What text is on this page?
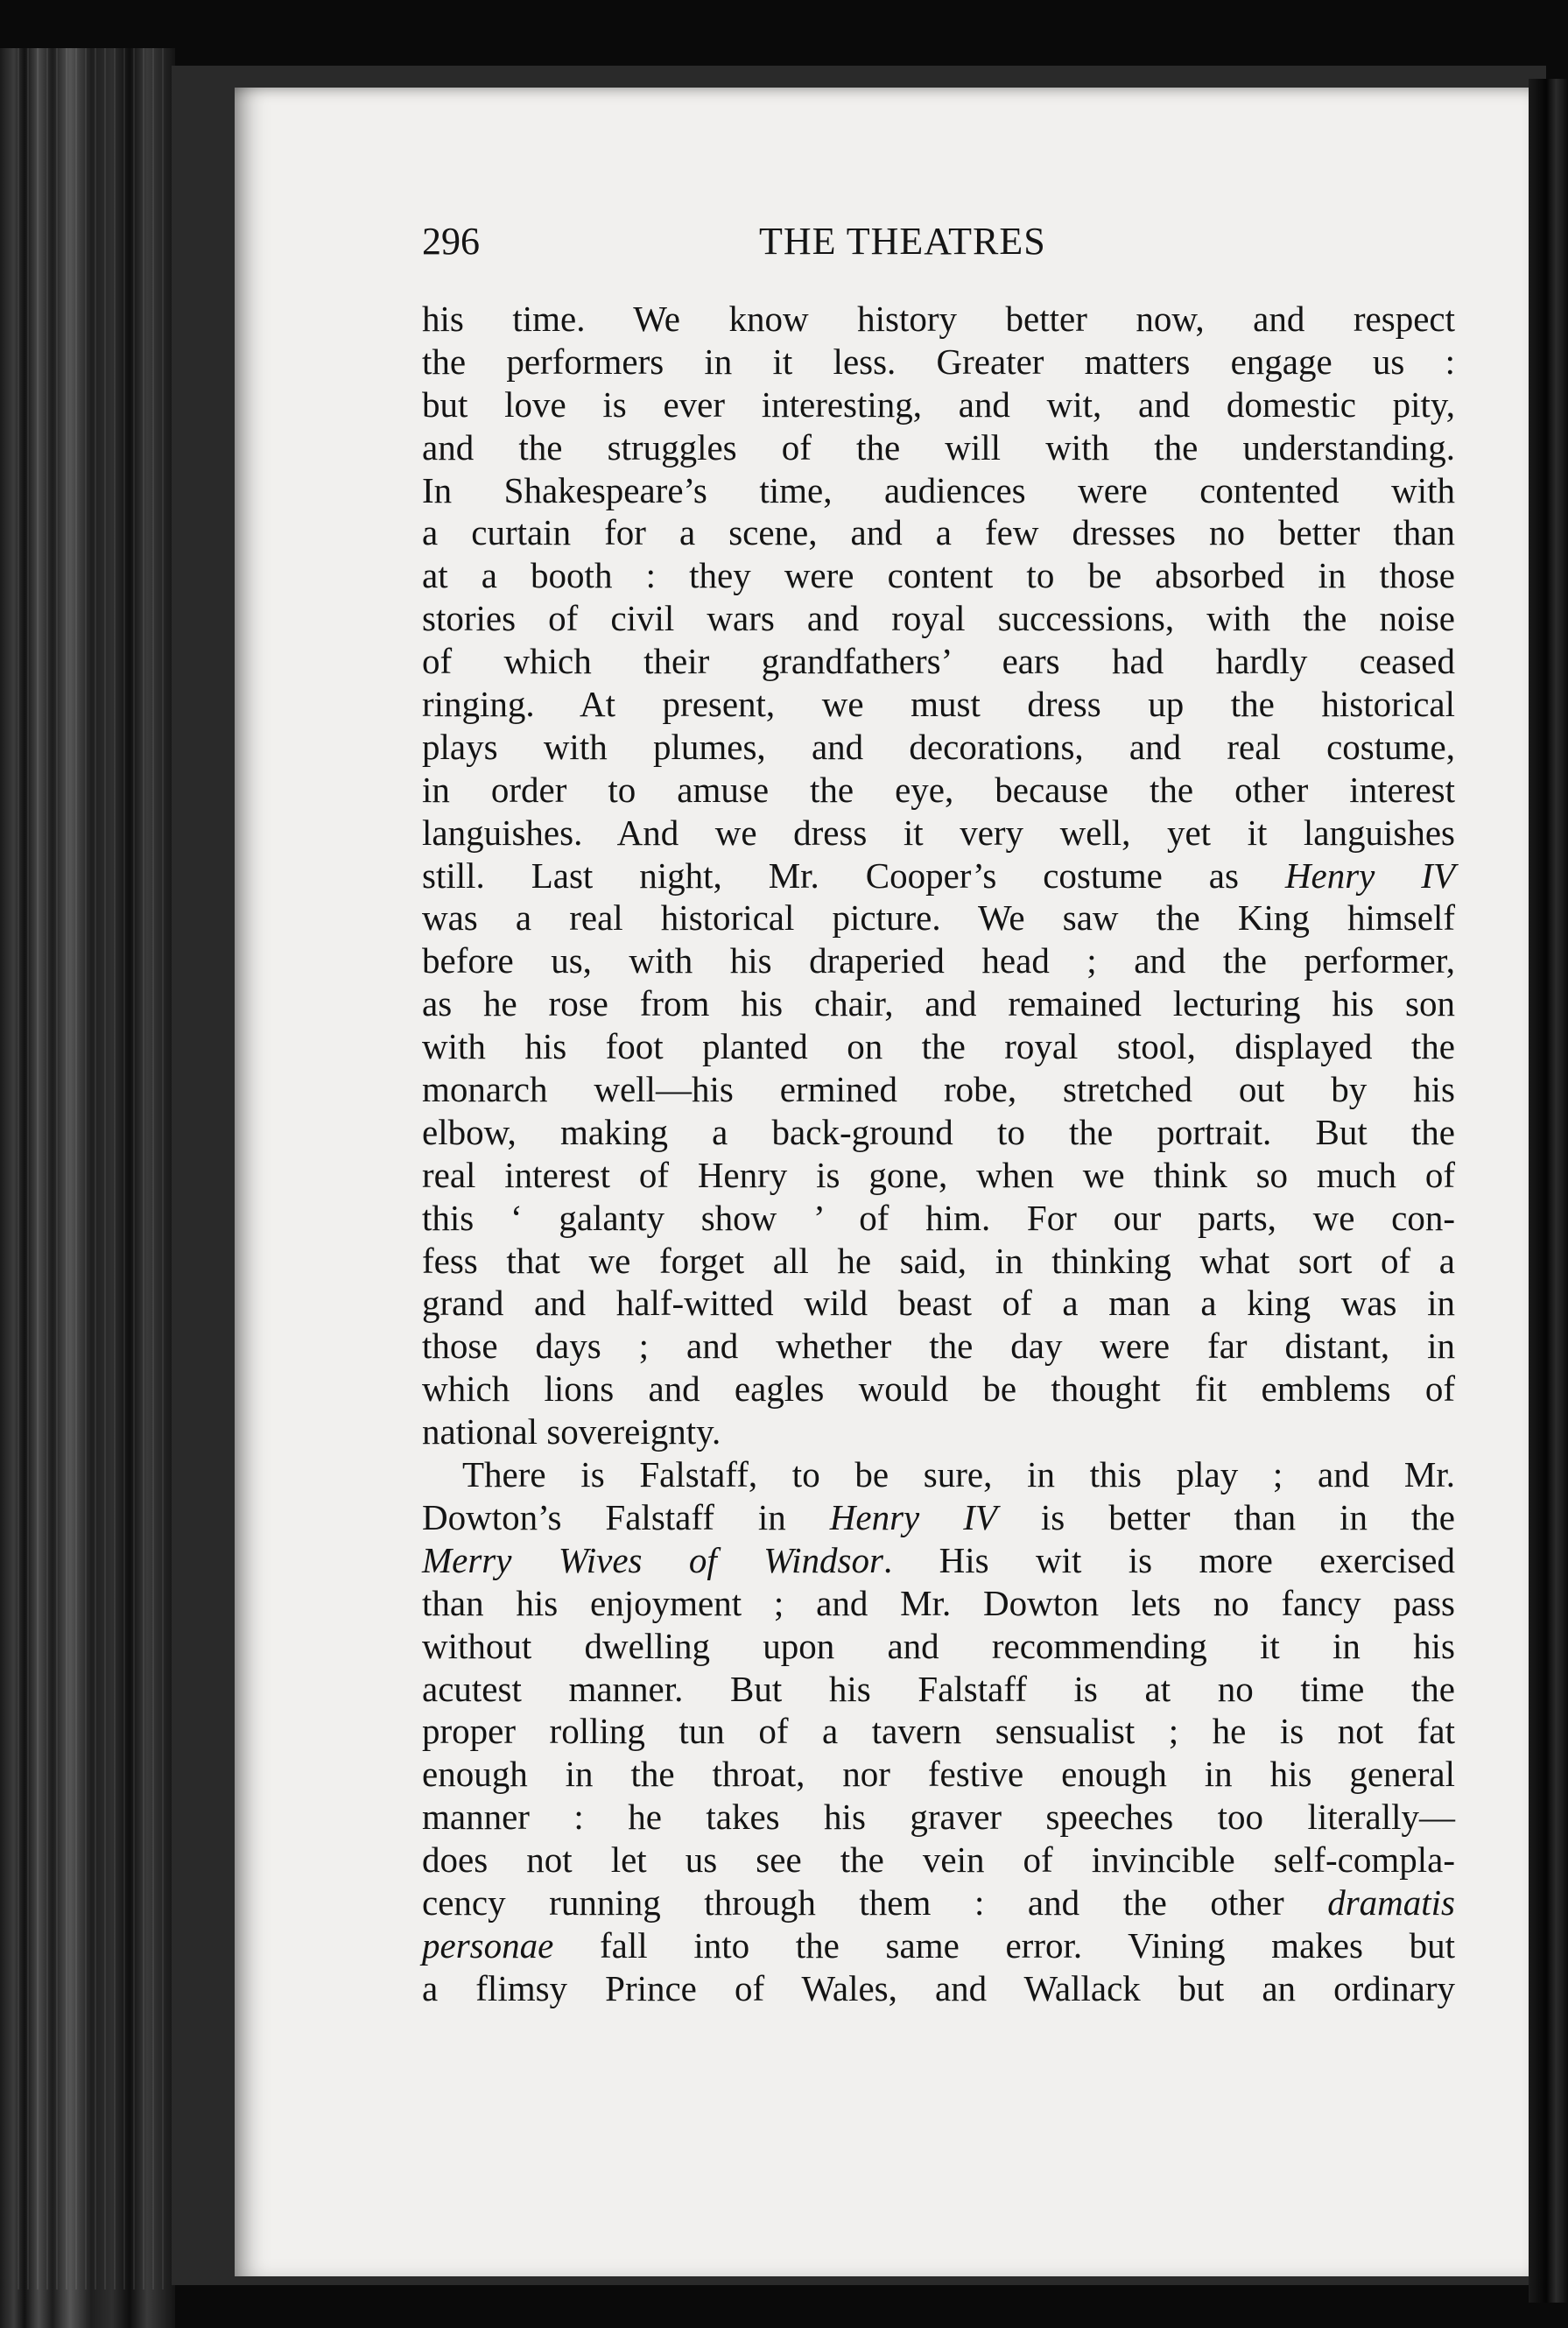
296	THE THEATRES
his time. We know history better now, and respect
the performers in it less. Greater matters engage us :
but love is ever interesting, and wit, and domestic pity,
and the struggles of the will with the understanding.
In Shakespeare’s time, audiences were contented with
a curtain for a scene, and a few dresses no better than
at a booth : they were content to be absorbed in those
stories of civil wars and royal successions, with the noise
of which their grandfathers’ ears had hardly ceased
ringing. At present, we must dress up the historical
plays with plumes, and decorations, and real costume,
in order to amuse the eye, because the other interest
languishes. And we dress it very well, yet it languishes
still. Last night, Mr. Cooper’s costume as Henry IV
was a real historical picture. We saw the King himself
before us, with his draperied head ; and the performer,
as he rose from his chair, and remained lecturing his son
with his foot planted on the royal stool, displayed the
monarch well—his ermined robe, stretched out by his
elbow, making a back-ground to the portrait. But the
real interest of Henry is gone, when we think so much of
this ‘ galanty show ’ of him. For our parts, we con-
fess that we forget all he said, in thinking what sort of a
grand and half-witted wild beast of a man a king was in
those days ; and whether the day were far distant, in
which lions and eagles would be thought fit emblems of
national sovereignty.
There is Falstaff, to be sure, in this play ; and Mr.
Dowton’s Falstaff in Henry IV is better than in the
Merry Wives of Windsor. His wit is more exercised
than his enjoyment ; and Mr. Dowton lets no fancy pass
without dwelling upon and recommending it in his
acutest manner. But his Falstaff is at no time the
proper rolling tun of a tavern sensualist ; he is not fat
enough in the throat, nor festive enough in his general
manner : he takes his graver speeches too literally—
does not let us see the vein of invincible self-compla-
cency running through them : and the other dramatis
personae fall into the same error. Vining makes but
a flimsy Prince of Wales, and Wallack but an ordinary
